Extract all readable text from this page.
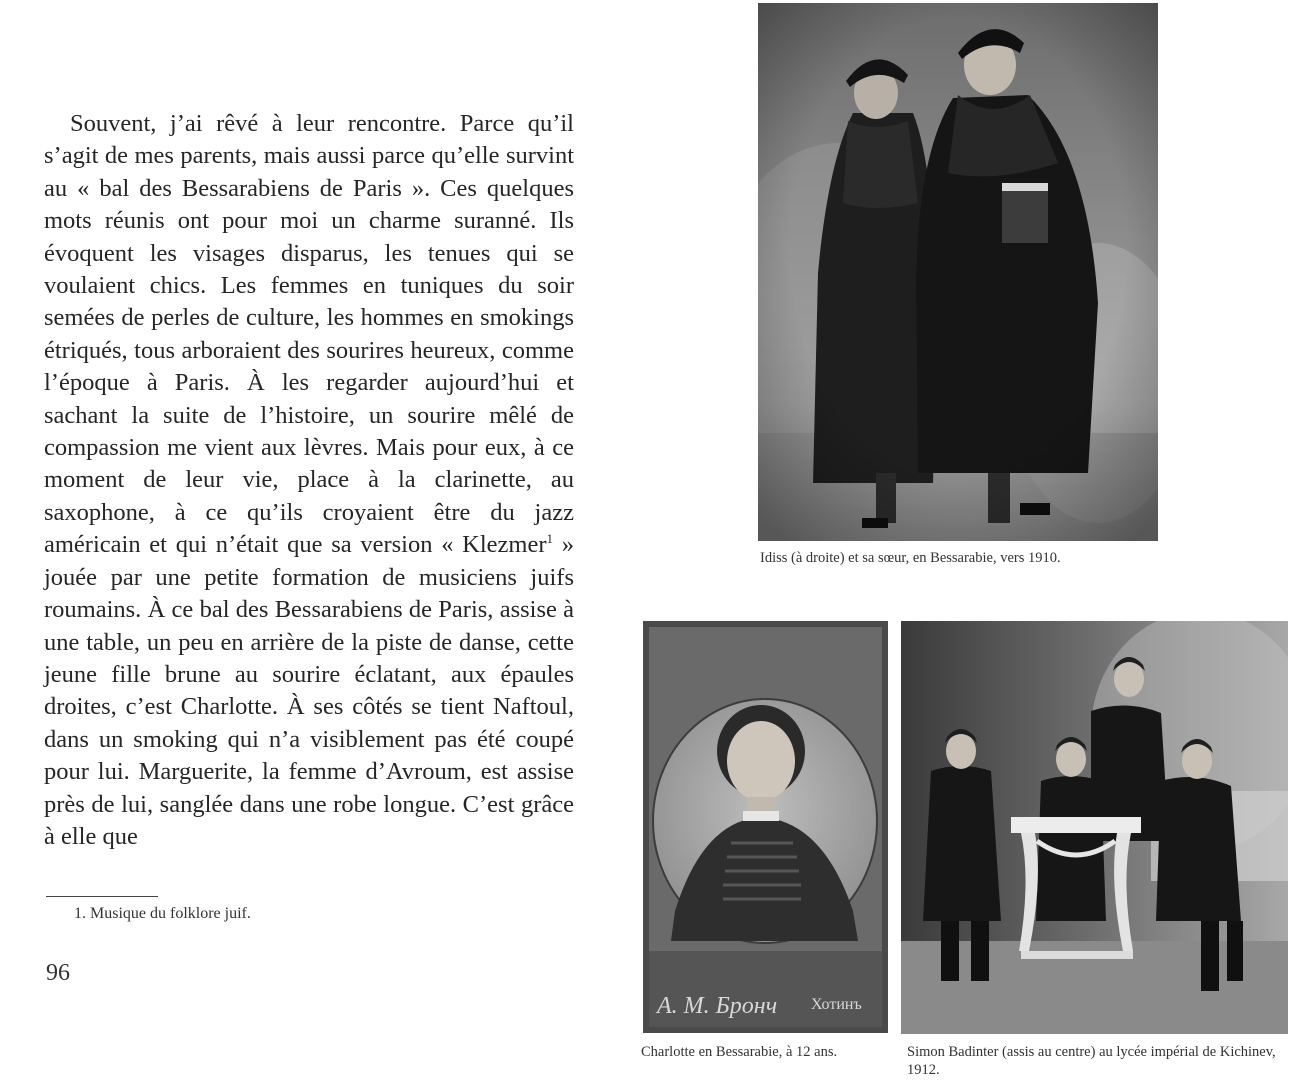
Souvent, j’ai rêvé à leur rencontre. Parce qu’il s’agit de mes parents, mais aussi parce qu’elle survint au « bal des Bessarabiens de Paris ». Ces quelques mots réunis ont pour moi un charme suranné. Ils évoquent les visages disparus, les tenues qui se voulaient chics. Les femmes en tuniques du soir semées de perles de culture, les hommes en smokings étriqués, tous arboraient des sourires heureux, comme l’époque à Paris. À les regarder aujourd’hui et sachant la suite de l’histoire, un sourire mêlé de compassion me vient aux lèvres. Mais pour eux, à ce moment de leur vie, place à la clarinette, au saxophone, à ce qu’ils croyaient être du jazz américain et qui n’était que sa version « Klezmer$^1$ » jouée par une petite formation de musiciens juifs roumains. À ce bal des Bessarabiens de Paris, assise à une table, un peu en arrière de la piste de danse, cette jeune fille brune au sourire éclatant, aux épaules droites, c’est Charlotte. À ses côtés se tient Naftoul, dans un smoking qui n’a visiblement pas été coupé pour lui. Marguerite, la femme d’Avroum, est assise près de lui, sanglée dans une robe longue. C’est grâce à elle que

1. Musique du folklore juif.
96
Idiss (à droite) et sa sœur, en Bessarabie, vers 1910.
А. М. Бронч Хотинъ
Charlotte en Bessarabie, à 12 ans.	Simon Badinter (assis au centre) au lycée impérial de Kichinev, 1912.
